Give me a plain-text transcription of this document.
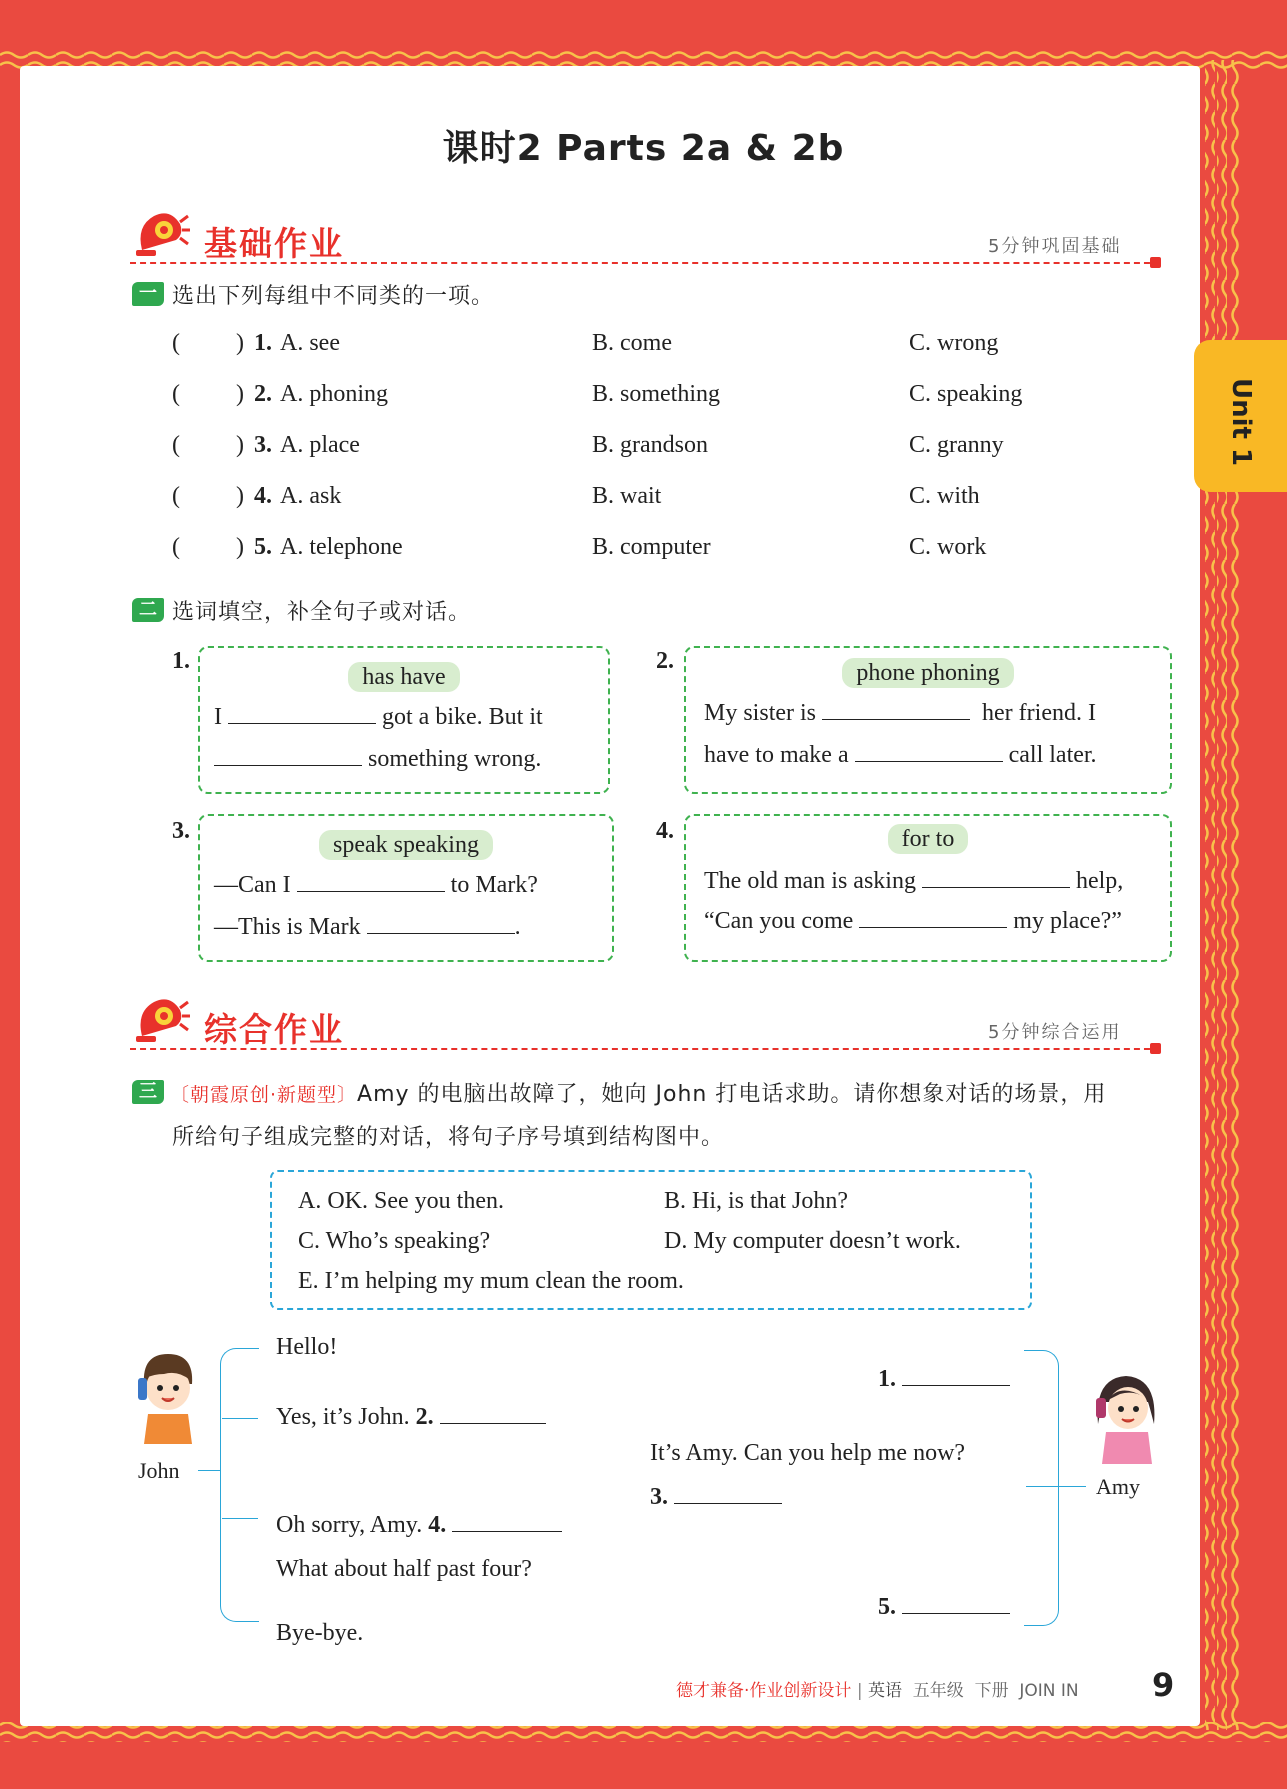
Unit 1
课时2 Parts 2a & 2b
基础作业	5分钟巩固基础
一 选出下列每组中不同类的一项。
( ) 1. A. see	B. come	C. wrong
( ) 2. A. phoning	B. something	C. speaking
( ) 3. A. place	B. grandson	C. granny
( ) 4. A. ask	B. wait	C. with
( ) 5. A. telephone	B. computer	C. work
二 选词填空，补全句子或对话。
1.
has have
I	got a bike. But it
something wrong.
2.	phone phoning
My sister is	her friend. I
have to make a	call later.
3.
speak speaking
—Can I	to Mark?
—This is Mark	.
4.	for to
The old man is asking	help,
“Can you come	my place?”
综合作业	5分钟综合运用
三 〔朝霞原创·新题型〕Amy 的电脑出故障了，她向 John 打电话求助。请你想象对话的场景，用
所给句子组成完整的对话，将句子序号填到结构图中。
A. OK. See you then.	B. Hi, is that John?
C. Who’s speaking?	D. My computer doesn’t work.
E. I’m helping my mum clean the room.
John
Amy
Hello!
Yes, it’s John. 2.
Oh sorry, Amy. 4.
What about half past four?
Bye-bye.
1.
It’s Amy. Can you help me now?
3.
5.
德才兼备·作业创新设计 | 英语 五年级 下册 JOIN IN 9
